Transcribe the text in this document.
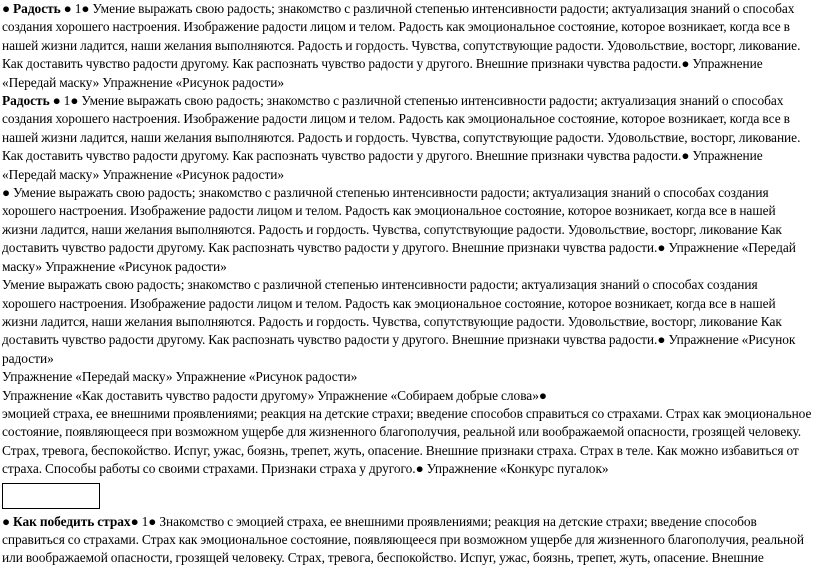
● Радость ● 1● Умение выражать свою радость; знакомство с различной степенью интенсивности радости; актуализация знаний о способах создания хорошего настроения. Изображение радости лицом и телом. Радость как эмоциональное состояние, которое возникает, когда все в нашей жизни ладится, наши желания выполняются. Радость и гордость. Чувства, сопутствующие радости. Удовольствие, восторг, ликование. Как доставить чувство радости другому. Как распознать чувство радости у другого. Внешние признаки чувства радости.● Упражнение «Передай маску» Упражнение «Рисунок радости»

Радость ● 1● Умение выражать свою радость; знакомство с различной степенью интенсивности радости; актуализация знаний о способах создания хорошего настроения. Изображение радости лицом и телом. Радость как эмоциональное состояние, которое возникает, когда все в нашей жизни ладится, наши желания выполняются. Радость и гордость. Чувства, сопутствующие радости. Удовольствие, восторг, ликование. Как доставить чувство радости другому. Как распознать чувство радости у другого. Внешние признаки чувства радости.● Упражнение «Передай маску» Упражнение «Рисунок радости»

● Умение выражать свою радость; знакомство с различной степенью интенсивности радости; актуализация знаний о способах создания хорошего настроения. Изображение радости лицом и телом. Радость как эмоциональное состояние, которое возникает, когда все в нашей жизни ладится, наши желания выполняются. Радость и гордость. Чувства, сопутствующие радости. Удовольствие, восторг, ликование Как доставить чувство радости другому. Как распознать чувство радости у другого. Внешние признаки чувства радости.● Упражнение «Передай маску» Упражнение «Рисунок радости»

Умение выражать свою радость; знакомство с различной степенью интенсивности радости; актуализация знаний о способах создания хорошего настроения. Изображение радости лицом и телом. Радость как эмоциональное состояние, которое возникает, когда все в нашей жизни ладится, наши желания выполняются. Радость и гордость. Чувства, сопутствующие радости. Удовольствие, восторг, ликование Как доставить чувство радости другому. Как распознать чувство радости у другого. Внешние признаки чувства радости.● Упражнение «Рисунок радости»

Упражнение «Передай маску» Упражнение «Рисунок радости»

Упражнение «Как доставить чувство радости другому» Упражнение «Собираем добрые слова»●

эмоцией страха, ее внешними проявлениями; реакция на детские страхи; введение способов справиться со страхами. Страх как эмоциональное состояние, появляющееся при возможном ущербе для жизненного благополучия, реальной или воображаемой опасности, грозящей человеку. Страх, тревога, беспокойство. Испуг, ужас, боязнь, трепет, жуть, опасение. Внешние признаки страха. Страх в теле. Как можно избавиться от страха. Способы работы со своими страхами. Признаки страха у другого.● Упражнение «Конкурс пугалок»

● Как победить страх● 1● Знакомство с эмоцией страха, ее внешними проявлениями; реакция на детские страхи; введение способов справиться со страхами. Страх как эмоциональное состояние, появляющееся при возможном ущербе для жизненного благополучия, реальной или воображаемой опасности, грозящей человеку. Страх, тревога, беспокойство. Испуг, ужас, боязнь, трепет, жуть, опасение. Внешние
